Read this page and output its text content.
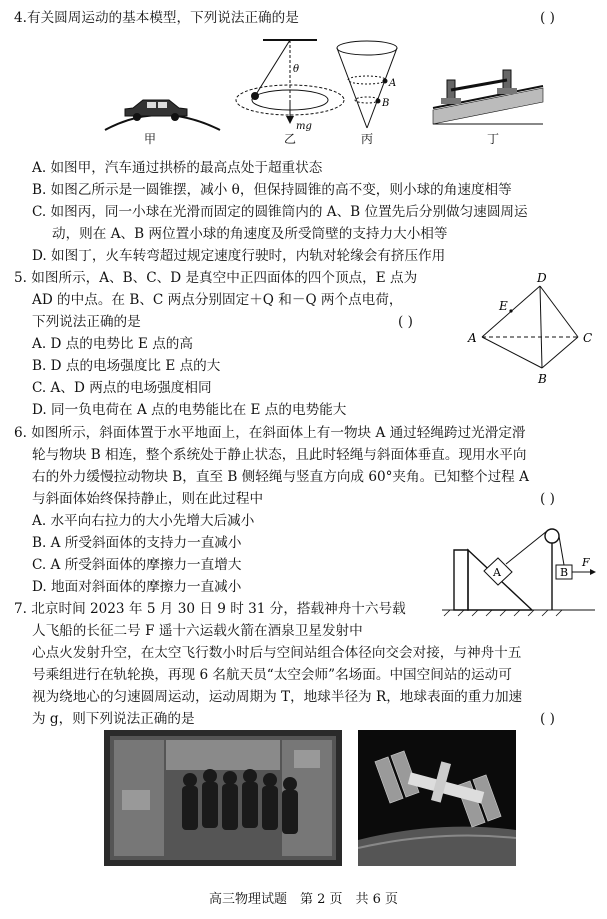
4.有关圆周运动的基本模型，下列说法正确的是	( )
θ
mg
A
B
甲	乙	丙	丁
A. 如图甲，汽车通过拱桥的最高点处于超重状态
B. 如图乙所示是一圆锥摆，减小 θ，但保持圆锥的高不变，则小球的角速度相等
C. 如图丙，同一小球在光滑而固定的圆锥筒内的 A、B 位置先后分别做匀速圆周运
动，则在 A、B 两位置小球的角速度及所受筒壁的支持力大小相等
D. 如图丁，火车转弯超过规定速度行驶时，内轨对轮缘会有挤压作用
5. 如图所示，A、B、C、D 是真空中正四面体的四个顶点，E 点为
AD 的中点。在 B、C 两点分别固定＋Q 和－Q 两个点电荷，
下列说法正确的是	( )
A. D 点的电势比 E 点的高
B. D 点的电场强度比 E 点的大
C. A、D 两点的电场强度相同
D. 同一负电荷在 A 点的电势能比在 E 点的电势能大
D
E
A	C
B
6. 如图所示，斜面体置于水平地面上，在斜面体上有一物块 A 通过轻绳跨过光滑定滑
轮与物块 B 相连，整个系统处于静止状态，且此时轻绳与斜面体垂直。现用水平向
右的外力缓慢拉动物块 B，直至 B 侧轻绳与竖直方向成 60°夹角。已知整个过程 A
与斜面体始终保持静止，则在此过程中	( )
A. 水平向右拉力的大小先增大后减小
B. A 所受斜面体的支持力一直减小
C. A 所受斜面体的摩擦力一直增大
D. 地面对斜面体的摩擦力一直减小
A	B
F
7. 北京时间 2023 年 5 月 30 日 9 时 31 分，搭载神舟十六号载
人飞船的长征二号 F 遥十六运载火箭在酒泉卫星发射中
心点火发射升空，在太空飞行数小时后与空间站组合体径向交会对接，与神舟十五
号乘组进行在轨轮换，再现 6 名航天员“太空会师”名场面。中国空间站的运动可
视为绕地心的匀速圆周运动，运动周期为 T，地球半径为 R，地球表面的重力加速
为 g，则下列说法正确的是	( )
高三物理试题　第 2 页　共 6 页
